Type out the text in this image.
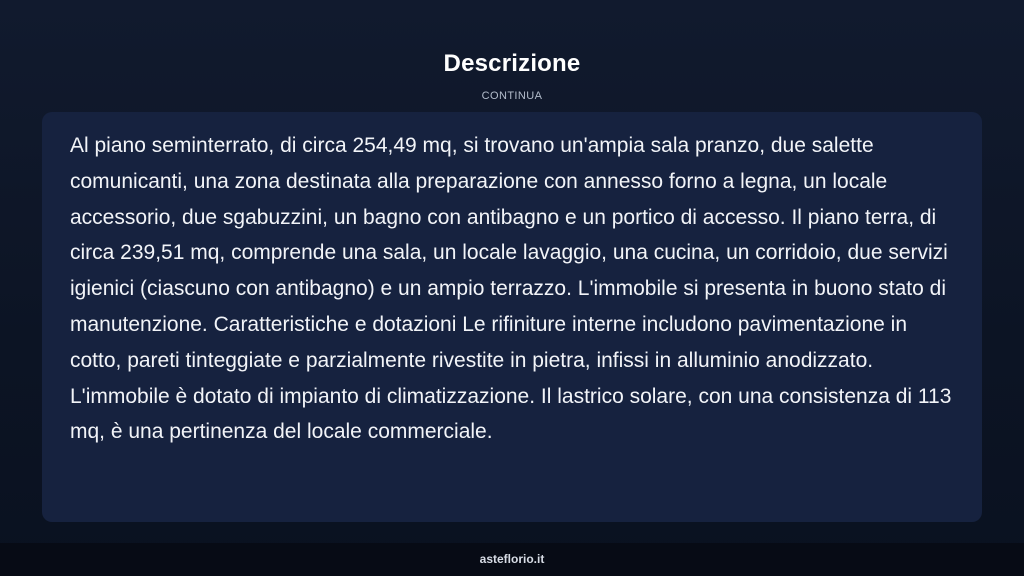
Descrizione
CONTINUA

Al piano seminterrato, di circa 254,49 mq, si trovano un'ampia sala pranzo, due salette comunicanti, una zona destinata alla preparazione con annesso forno a legna, un locale accessorio, due sgabuzzini, un bagno con antibagno e un portico di accesso. Il piano terra, di circa 239,51 mq, comprende una sala, un locale lavaggio, una cucina, un corridoio, due servizi igienici (ciascuno con antibagno) e un ampio terrazzo. L'immobile si presenta in buono stato di manutenzione. Caratteristiche e dotazioni Le rifiniture interne includono pavimentazione in cotto, pareti tinteggiate e parzialmente rivestite in pietra, infissi in alluminio anodizzato. L'immobile è dotato di impianto di climatizzazione. Il lastrico solare, con una consistenza di 113 mq, è una pertinenza del locale commerciale.

asteflorio.it
